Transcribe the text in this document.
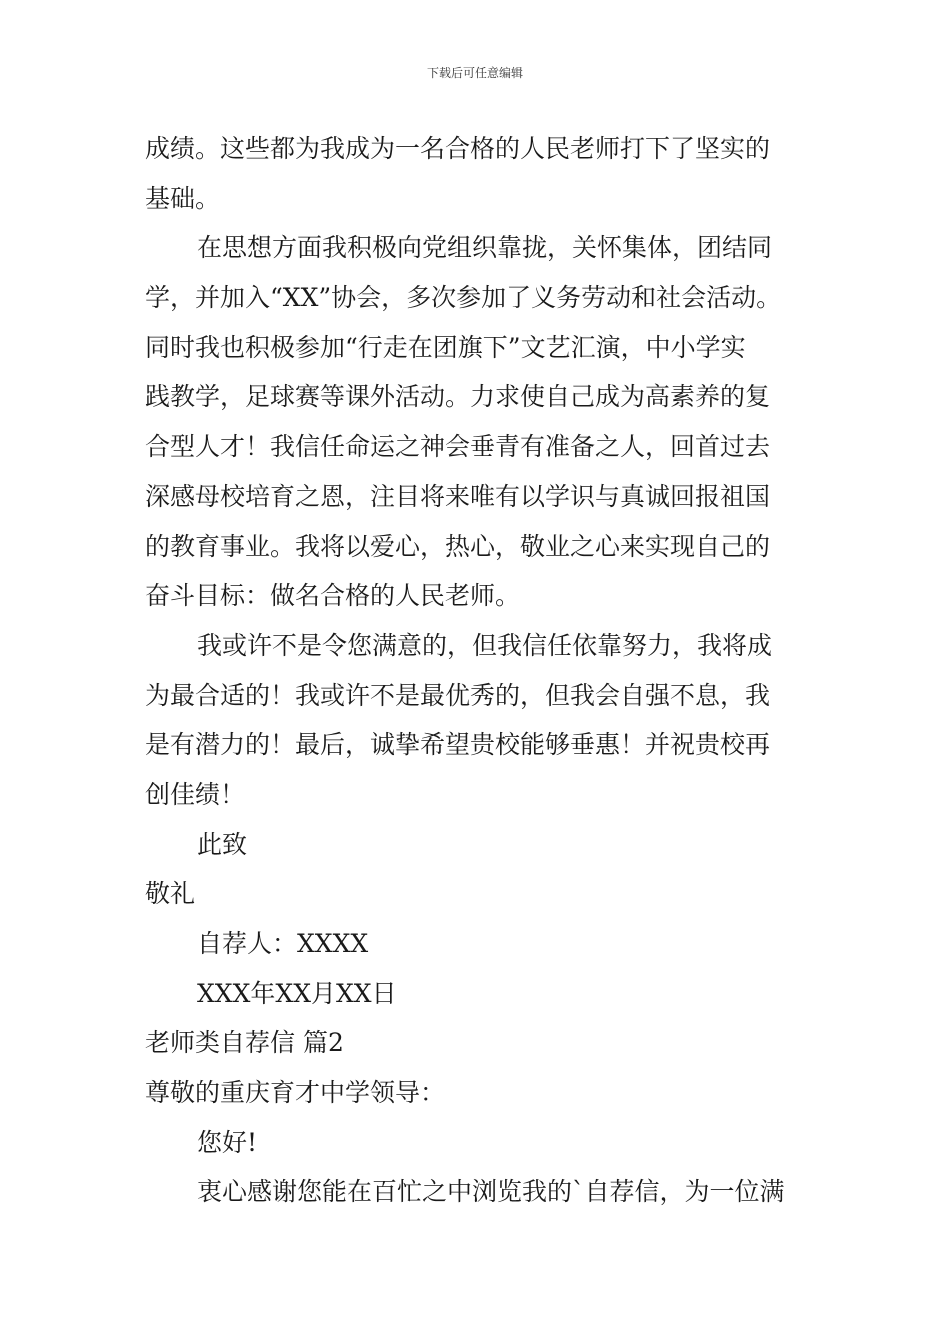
下载后可任意编辑
成绩。这些都为我成为一名合格的人民老师打下了坚实的
基础。
在思想方面我积极向党组织靠拢，关怀集体，团结同
学，并加入“XX”协会，多次参加了义务劳动和社会活动。
同时我也积极参加“行走在团旗下”文艺汇演，中小学实
践教学，足球赛等课外活动。力求使自己成为高素养的复
合型人才！我信任命运之神会垂青有准备之人，回首过去
深感母校培育之恩，注目将来唯有以学识与真诚回报祖国
的教育事业。我将以爱心，热心，敬业之心来实现自己的
奋斗目标：做名合格的人民老师。
我或许不是令您满意的，但我信任依靠努力，我将成
为最合适的！我或许不是最优秀的，但我会自强不息，我
是有潜力的！最后，诚挚希望贵校能够垂惠！并祝贵校再
创佳绩！
此致
敬礼
自荐人：XXXX
XXX年XX月XX日
老师类自荐信 篇2
尊敬的重庆育才中学领导：
您好!
衷心感谢您能在百忙之中浏览我的`自荐信，为一位满
